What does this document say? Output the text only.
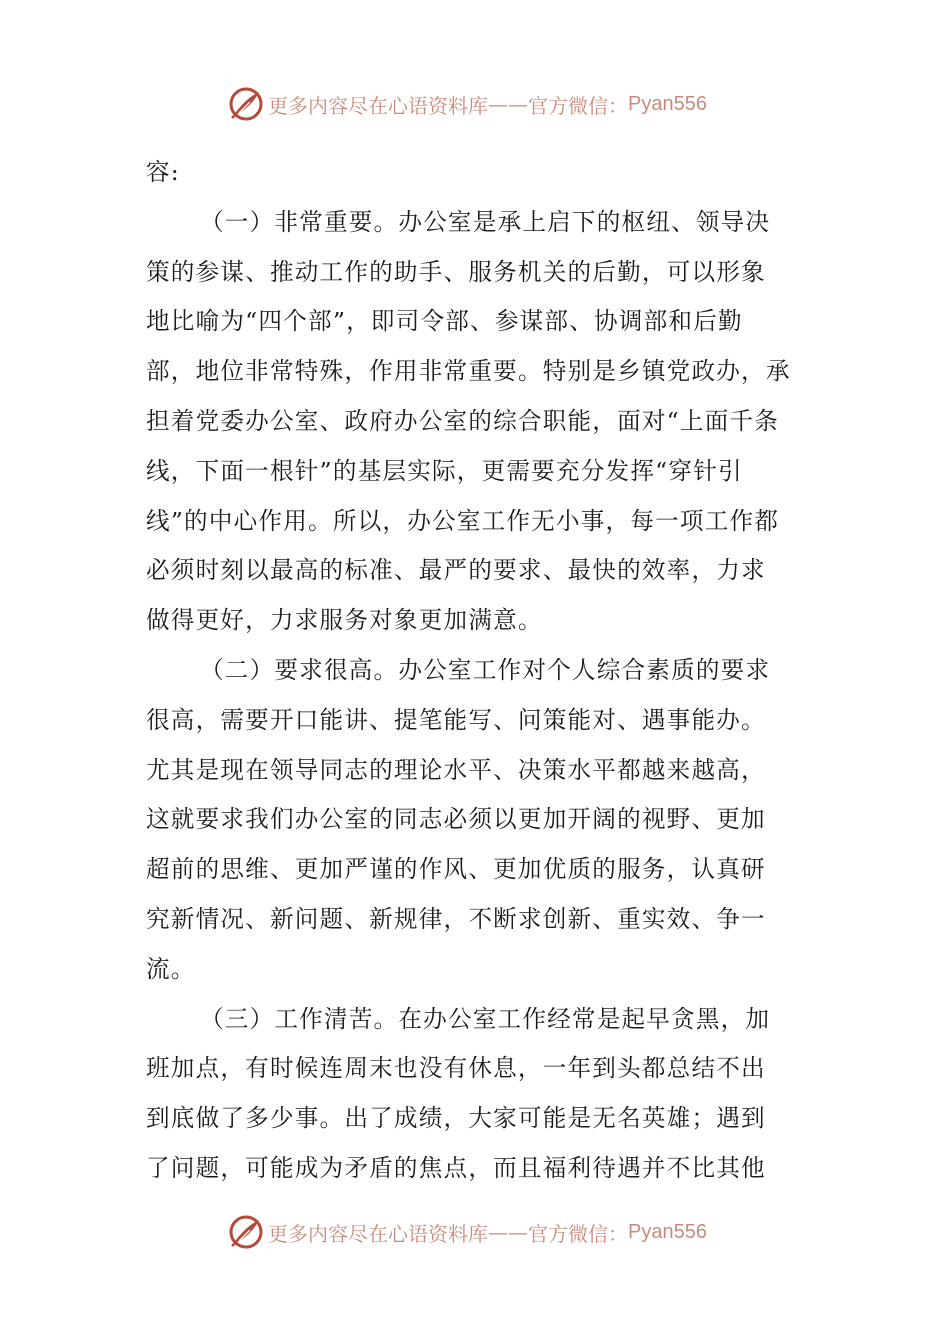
更多内容尽在心语资料库 —— 官方微信： Pyan556
容:
（一）非常重要。办公室是承上启下的枢纽、领导决
策的参谋、推动工作的助手、服务机关的后勤，可以形象
地比喻为“四个部”，即司令部、参谋部、协调部和后勤
部，地位非常特殊，作用非常重要。特别是乡镇党政办，承
担着党委办公室、政府办公室的综合职能，面对“上面千条
线，下面一根针”的基层实际，更需要充分发挥“穿针引
线”的中心作用。所以，办公室工作无小事，每一项工作都
必须时刻以最高的标准、最严的要求、最快的效率，力求
做得更好，力求服务对象更加满意。
（二）要求很高。办公室工作对个人综合素质的要求
很高，需要开口能讲、提笔能写、问策能对、遇事能办。
尤其是现在领导同志的理论水平、决策水平都越来越高，
这就要求我们办公室的同志必须以更加开阔的视野、更加
超前的思维、更加严谨的作风、更加优质的服务，认真研
究新情况、新问题、新规律，不断求创新、重实效、争一
流。
（三）工作清苦。在办公室工作经常是起早贪黑，加
班加点，有时候连周末也没有休息，一年到头都总结不出
到底做了多少事。出了成绩，大家可能是无名英雄；遇到
了问题，可能成为矛盾的焦点，而且福利待遇并不比其他
更多内容尽在心语资料库 —— 官方微信： Pyan556
